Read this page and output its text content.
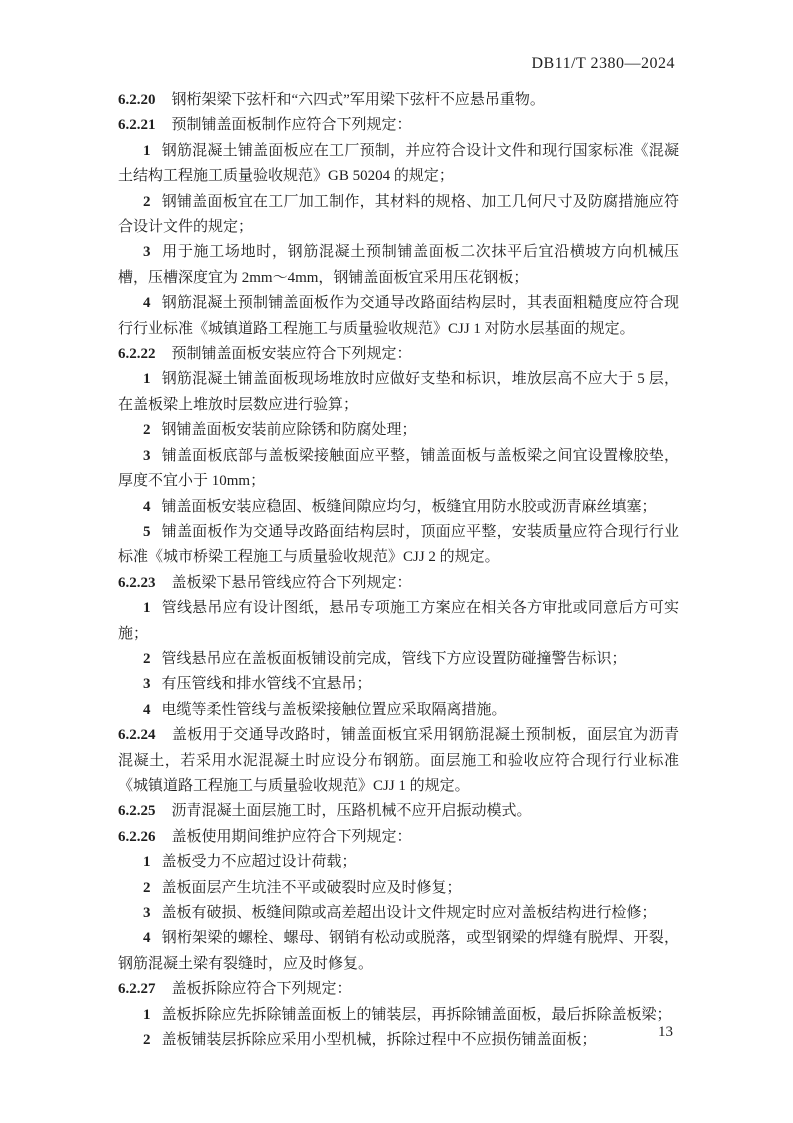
DB11/T 2380—2024
6.2.20 钢桁架梁下弦杆和“六四式”军用梁下弦杆不应悬吊重物。
6.2.21 预制铺盖面板制作应符合下列规定：
1 钢筋混凝土铺盖面板应在工厂预制，并应符合设计文件和现行国家标准《混凝土结构工程施工质量验收规范》GB 50204 的规定；
2 钢铺盖面板宜在工厂加工制作，其材料的规格、加工几何尺寸及防腐措施应符合设计文件的规定；
3 用于施工场地时，钢筋混凝土预制铺盖面板二次抹平后宜沿横坡方向机械压槽，压槽深度宜为 2mm～4mm，钢铺盖面板宜采用压花钢板；
4 钢筋混凝土预制铺盖面板作为交通导改路面结构层时，其表面粗糙度应符合现行行业标准《城镇道路工程施工与质量验收规范》CJJ 1 对防水层基面的规定。
6.2.22 预制铺盖面板安装应符合下列规定：
1 钢筋混凝土铺盖面板现场堆放时应做好支垫和标识，堆放层高不应大于 5 层，在盖板梁上堆放时层数应进行验算；
2 钢铺盖面板安装前应除锈和防腐处理；
3 铺盖面板底部与盖板梁接触面应平整，铺盖面板与盖板梁之间宜设置橡胶垫，厚度不宜小于 10mm；
4 铺盖面板安装应稳固、板缝间隙应均匀，板缝宜用防水胶或沥青麻丝填塞；
5 铺盖面板作为交通导改路面结构层时，顶面应平整，安装质量应符合现行行业标准《城市桥梁工程施工与质量验收规范》CJJ 2 的规定。
6.2.23 盖板梁下悬吊管线应符合下列规定：
1 管线悬吊应有设计图纸，悬吊专项施工方案应在相关各方审批或同意后方可实施；
2 管线悬吊应在盖板面板铺设前完成，管线下方应设置防碰撞警告标识；
3 有压管线和排水管线不宜悬吊；
4 电缆等柔性管线与盖板梁接触位置应采取隔离措施。
6.2.24 盖板用于交通导改路时，铺盖面板宜采用钢筋混凝土预制板，面层宜为沥青混凝土，若采用水泥混凝土时应设分布钢筋。面层施工和验收应符合现行行业标准《城镇道路工程施工与质量验收规范》CJJ 1 的规定。
6.2.25 沥青混凝土面层施工时，压路机械不应开启振动模式。
6.2.26 盖板使用期间维护应符合下列规定：
1 盖板受力不应超过设计荷载；
2 盖板面层产生坑洼不平或破裂时应及时修复；
3 盖板有破损、板缝间隙或高差超出设计文件规定时应对盖板结构进行检修；
4 钢桁架梁的螺栓、螺母、钢销有松动或脱落，或型钢梁的焊缝有脱焊、开裂，钢筋混凝土梁有裂缝时，应及时修复。
6.2.27 盖板拆除应符合下列规定：
1 盖板拆除应先拆除铺盖面板上的铺装层，再拆除铺盖面板，最后拆除盖板梁；
2 盖板铺装层拆除应采用小型机械，拆除过程中不应损伤铺盖面板；
13
